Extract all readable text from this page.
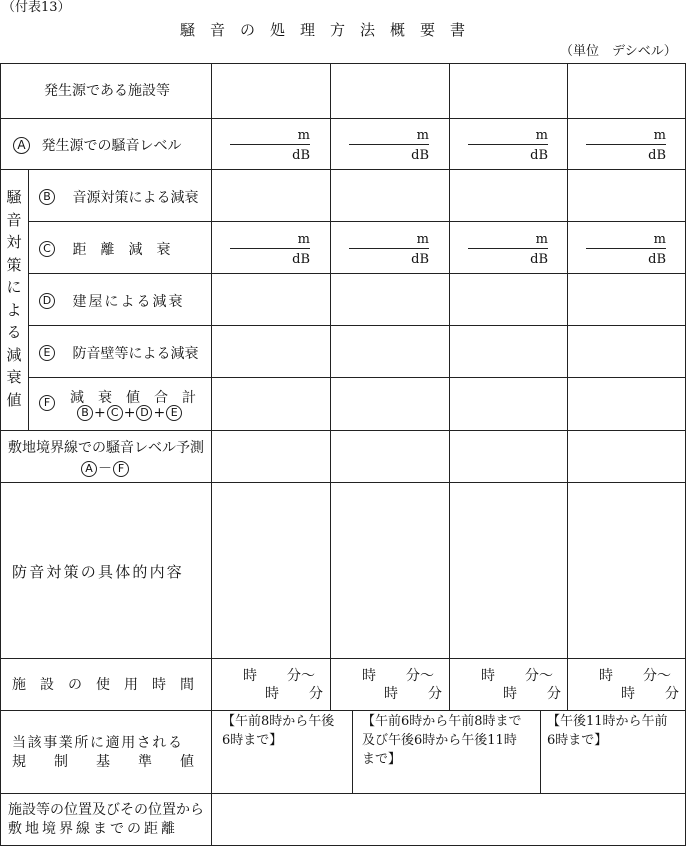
（付表13）
騒　音　の　処　理　方　法　概　要　書
（単位　デシベル）
発生源である施設等
A 発生源での騒音レベル
騒
音
対
策
に
よ
る
減
衰
値
B 音源対策による減衰
C 距　離　減　衰
D 建屋による減衰
E 防音壁等による減衰
F 減　衰　値　合　計
B + C + D + E
敷地境界線での騒音レベル予測
A － F
防音対策の具体的内容
施　設　の　使　用　時　間
当該事業所に適用される
規　　制　　基　　準　　値
施設等の位置及びその位置から
敷地境界線までの距離
m
dB
m
dB
m
dB
m
dB
m
dB
m
dB
m
dB
m
dB
時 分〜
時 分
時 分〜
時 分
時 分〜
時 分
時 分〜
時 分
【午前8時から午後
6時まで】
【午前6時から午前8時まで
及び午後6時から午後11時
まで】
【午後11時から午前
6時まで】
